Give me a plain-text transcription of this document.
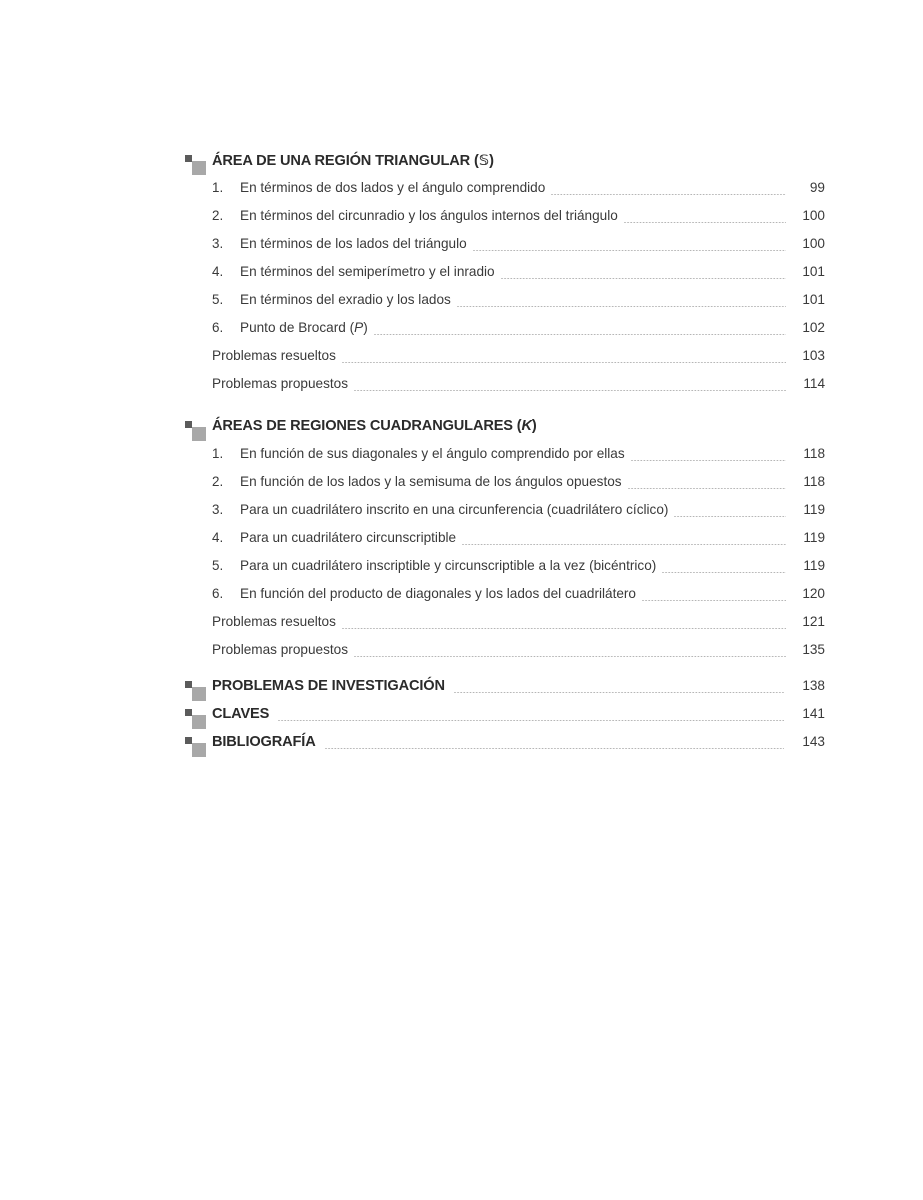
ÁREA DE UNA REGIÓN TRIANGULAR (𝕊)
1.	En términos de dos lados y el ángulo comprendido	99
2.	En términos del circunradio y los ángulos internos del triángulo	100
3.	En términos de los lados del triángulo	100
4.	En términos del semiperímetro y el inradio	101
5.	En términos del exradio y los lados	101
6.	Punto de Brocard (P)	102
Problemas resueltos	103
Problemas propuestos	114
ÁREAS DE REGIONES CUADRANGULARES (K)
1.	En función de sus diagonales y el ángulo comprendido por ellas	118
2.	En función de los lados y la semisuma de los ángulos opuestos	118
3.	Para un cuadrilátero inscrito en una circunferencia (cuadrilátero cíclico)	119
4.	Para un cuadrilátero circunscriptible	119
5.	Para un cuadrilátero inscriptible y circunscriptible a la vez (bicéntrico)	119
6.	En función del producto de diagonales y los lados del cuadrilátero	120
Problemas resueltos	121
Problemas propuestos	135
PROBLEMAS DE INVESTIGACIÓN	138
CLAVES	141
BIBLIOGRAFÍA	143
